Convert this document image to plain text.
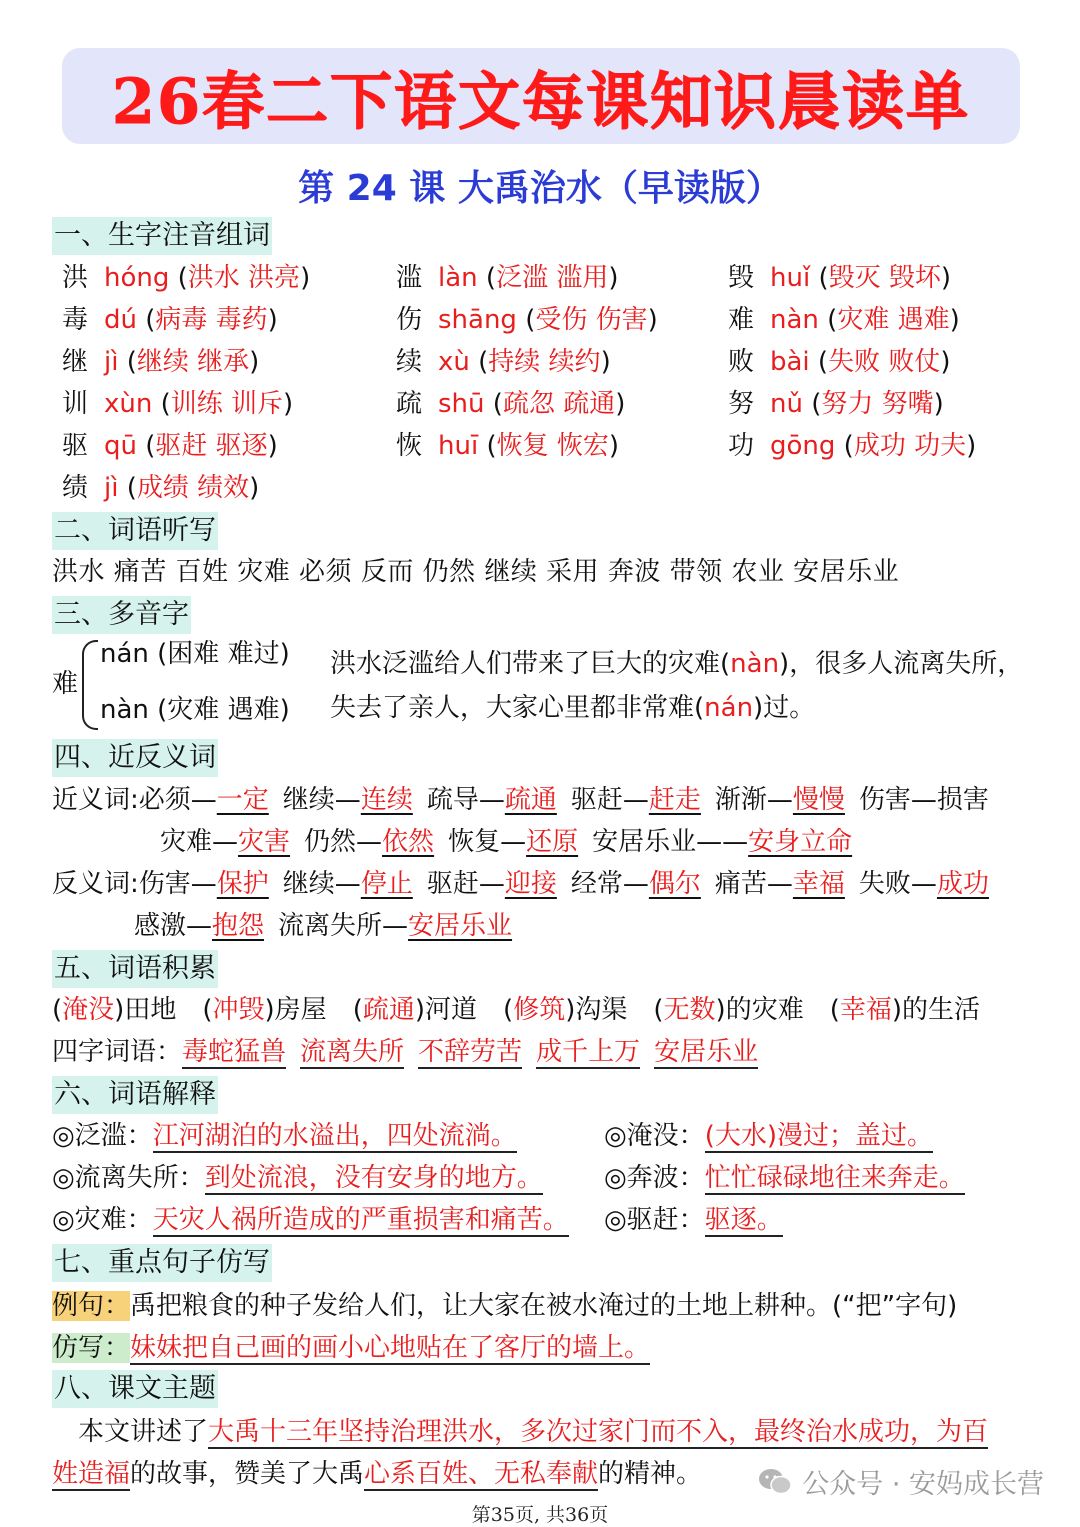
26春二下语文 每课知识晨读单
第 24 课 大禹治水（早读版）
一、生字注音组词
洪 hóng (洪水 洪亮)
毒 dú (病毒 毒药)
继 jì (继续 继承)
训 xùn (训练 训斥)
驱 qū (驱赶 驱逐)
绩 jì (成绩 绩效)
滥 làn (泛滥 滥用)
伤 shāng (受伤 伤害)
续 xù (持续 续约)
疏 shū (疏忽 疏通)
恢 huī (恢复 恢宏)
毁 huǐ (毁灭 毁坏)
难 nàn (灾难 遇难)
败 bài (失败 败仗)
努 nǔ (努力 努嘴)
功 gōng (成功 功夫)
二、词语听写
洪水 痛苦 百姓 灾难 必须 反而 仍然 继续 采用 奔波 带领 农业 安居乐业
三、多音字
难
nán (困难 难过)
nàn (灾难 遇难)
洪水泛滥给人们带来了巨大的灾难(nàn)，很多人流离失所，
失去了亲人，大家心里都非常难(nán)过。
四、近反义词
近义词:必须—一定 继续—连续 疏导—疏通 驱赶—赶走 渐渐—慢慢 伤害—损害
灾难—灾害 仍然—依然 恢复—还原 安居乐业——安身立命
反义词:伤害—保护 继续—停止 驱赶—迎接 经常—偶尔 痛苦—幸福 失败—成功
感激—抱怨 流离失所—安居乐业
五、词语积累
(淹没)田地 (冲毁)房屋 (疏通)河道 (修筑)沟渠 (无数)的灾难 (幸福)的生活
四字词语：毒蛇猛兽 流离失所 不辞劳苦 成千上万 安居乐业
六、词语解释
◎泛滥：江河湖泊的水溢出，四处流淌。	◎淹没：(大水)漫过；盖过。
◎流离失所：到处流浪，没有安身的地方。 ◎奔波：忙忙碌碌地往来奔走。
◎灾难：天灾人祸所造成的严重损害和痛苦。 ◎驱赶：驱逐。
七、重点句子仿写
例句：禹把粮食的种子发给人们，让大家在被水淹过的土地上耕种。(“把”字句)
仿写：妹妹把自己画的画小心地贴在了客厅的墙上。
八、课文主题
本文讲述了大禹十三年坚持治理洪水，多次过家门而不入，最终治水成功，为百
姓造福的故事，赞美了大禹心系百姓、无私奉献的精神。	公众号 · 安妈成长营
第35页, 共36页
